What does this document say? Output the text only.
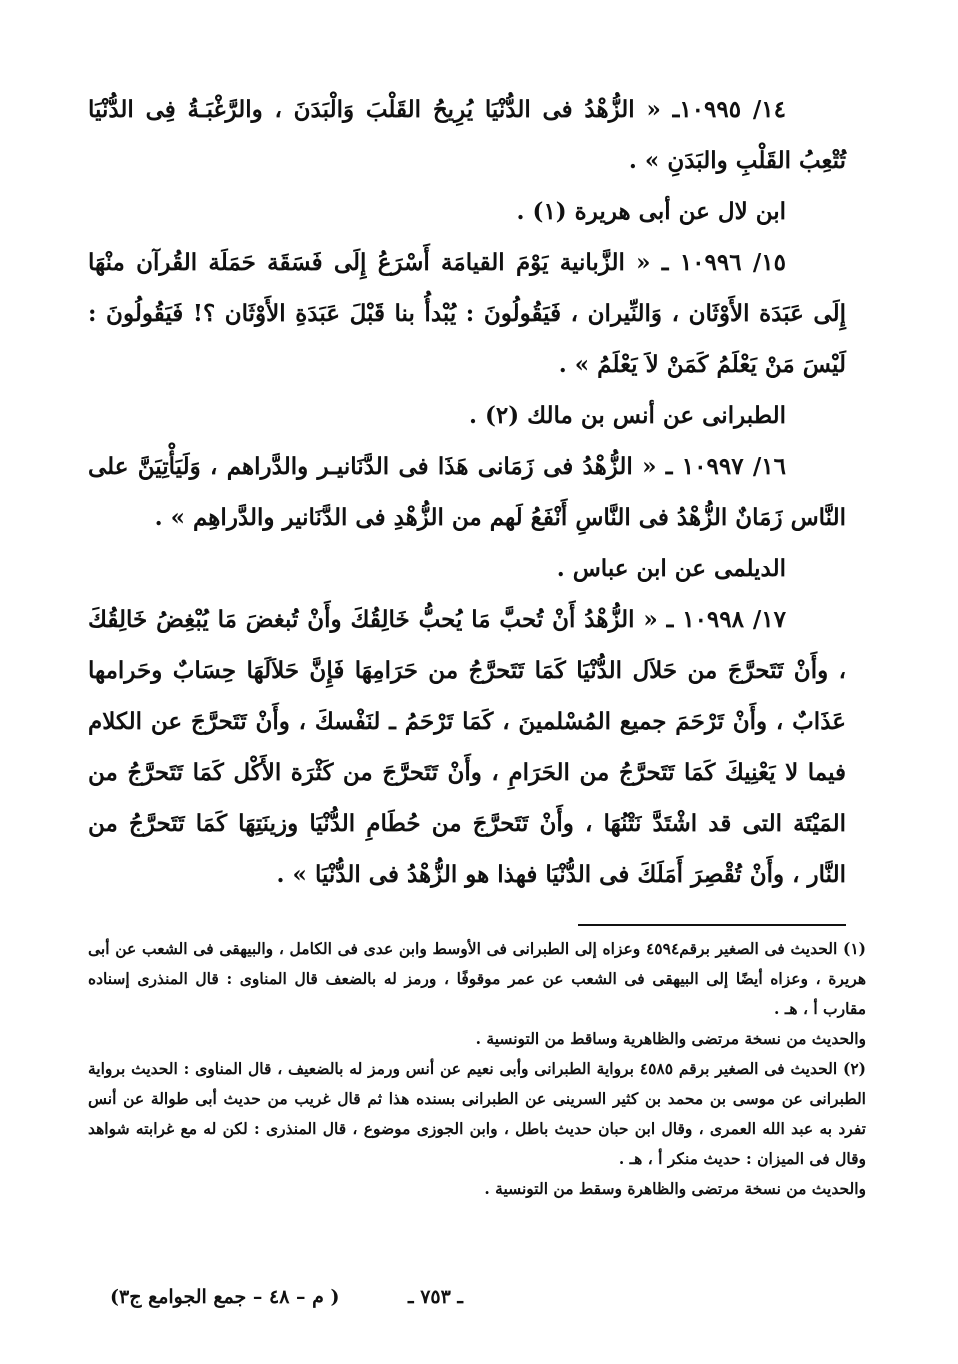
١٤/ ١٠٩٩٥ـ « الزُّهْدُ فى الدُّنْيَا يُرِيحُ القَلْبَ وَالْبَدَنَ ، والرَّغْبَـةُ فِى الدُّنْيَا تُتْعِبُ القَلْبِ والبَدَنِ » .

ابن لال عن أبى هريرة (١) .

١٥/ ١٠٩٩٦ ـ « الزَّبانية يَوْمَ القيامَة أَسْرَعُ إِلَى فَسَقَة حَمَلَة القُرآن منْهَا إِلَى عَبَدَة الأَوْثَان ، وَالنِّيران ، فَيَقُولُونَ : يُبْدأُ بنا قَبْلَ عَبَدَةِ الأَوْثَان ؟! فَيَقُولُونَ : لَيْسَ مَنْ يَعْلَمُ كَمَنْ لاَ يَعْلَمُ » .

الطبرانى عن أنس بن مالك (٢) .

١٦/ ١٠٩٩٧ ـ « الزُّهْدُ فى زَمَانى هَذَا فى الدَّنَانيـر والدَّراهم ، وَلَيَأْتِيَنَّ على النَّاس زَمَانٌ الزُّهْدُ فى النَّاسِ أَنْفَعُ لَهم من الزُّهْدِ فى الدَّنَانير والدَّراهِم » .

الديلمى عن ابن عباس .

١٧/ ١٠٩٩٨ ـ « الزُّهْدُ أَنْ تُحبَّ مَا يُحبُّ خَالِقُكَ وأَنْ تُبغضَ مَا يُبْغِضُ خَالِقُكَ ، وأَنْ تَتَحرَّجَ من حَلاَل الدُّنْيَا كَمَا تَتَحرَّجُ من حَرَامِهَا فَإِنَّ حَلاَلَهَا حِسَابٌ وحَرامها عَذَابٌ ، وأَنْ تَرْحَمَ جميع المُسْلمينَ ، كَمَا تَرْحَمُ ـ لنَفْسكَ ، وأَنْ تَتَحرَّجَ عن الكلام فيما لا يَعْنِيكَ كَمَا تَتَحرَّجُ من الحَرَامِ ، وأَنْ تَتَحرَّجَ من كَثْرَة الأَكْل كَمَا تَتَحرَّجُ من المَيْتَة التى قد اشْتَدَّ نَتْنُهَا ، وأَنْ تَتَحرَّجَ من حُطَامِ الدُّنْيَا وزينَتِهَا كَمَا تَتَحرَّجُ من النَّار ، وأَنْ تُقْصِرَ أَمَلَكَ فى الدُّنْيَا فهذا هو الزُّهْدُ فى الدُّنْيَا » .

(١) الحديث فى الصغير برقم٤٥٩٤ وعزاه إلى الطبرانى فى الأوسط وابن عدى فى الكامل ، والبيهقى فى الشعب عن أبى هريرة ، وعزاه أيضًا إلى البيهقى فى الشعب عن عمر موقوفًا ، ورمز له بالضعف قال المناوى : قال المنذرى إسناده مقارب أ ، هـ .

والحديث من نسخة مرتضى والظاهرية وساقط من التونسية .

(٢) الحديث فى الصغير برقم ٤٥٨٥ برواية الطبرانى وأبى نعيم عن أنس ورمز له بالضعيف ، قال المناوى : الحديث برواية الطبرانى عن موسى بن محمد بن كثير السرينى عن الطبرانى بسنده هذا ثم قال غريب من حديث أبى طوالة عن أنس تفرد به عبد الله العمرى ، وقال ابن حبان حديث باطل ، وابن الجوزى موضوع ، قال المنذرى : لكن له مع غرابته شواهد وقال فى الميزان : حديث منكر أ ، هـ .

والحديث من نسخة مرتضى والظاهرة وسقط من التونسية .

ـ ٧٥٣ ـ
( م – ٤٨ – جمع الجوامع ج٣)
